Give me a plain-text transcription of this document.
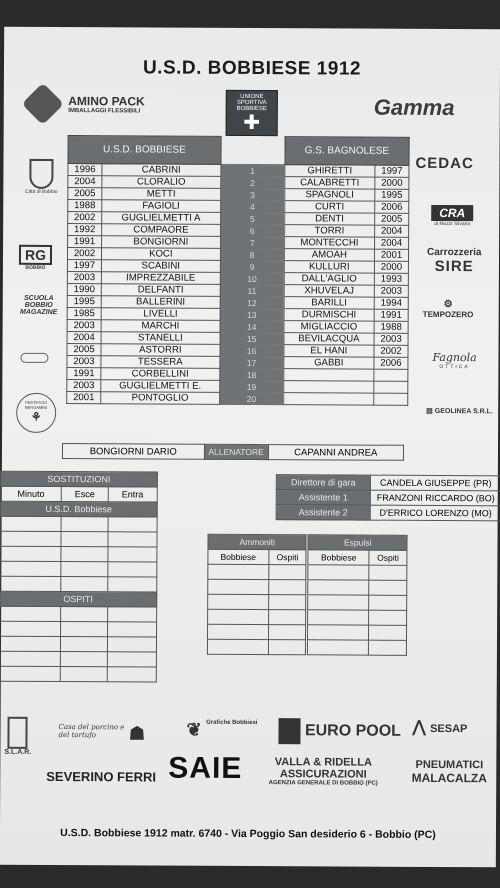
U.S.D. BOBBIESE 1912

AMINO PACK
IMBALLAGGI FLESSIBILI
UNIONE SPORTIVA
BOBBIESE
✚
Gamma
CEDAC
Città di Bobbio
CRA
di Mozzi Silvana
RG
BOBBIO
Carrozzeria
SIRE
SCUOLA BOBBIO MAGAZINE
⚙
TEMPOZERO
Fagnola
OTTICA
PASTIFICIO BERGAMINI
⚘	▤ GEOLINEA S.R.L.
U.S.D. BOBBIESE			G.S. BAGNOLESE	
1996	CABRINI	1	GHIRETTI	1997
2004	CLORALIO	2	CALABRETTI	2000
2005	METTI	3	SPAGNOLI	1995
1988	FAGIOLI	4	CURTI	2006
2002	GUGLIELMETTI A	5	DENTI	2005
1992	COMPAORE	6	TORRI	2004
1991	BONGIORNI	7	MONTECCHI	2004
2002	KOCI	8	AMOAH	2001
1997	SCABINI	9	KULLURI	2000
2003	IMPREZZABILE	10	DALL'AGLIO	1993
1990	DELFANTI	11	XHUVELAJ	2003
1995	BALLERINI	12	BARILLI	1994
1985	LIVELLI	13	DURMISCHI	1991
2003	MARCHI	14	MIGLIACCIO	1988
2004	STANELLI	15	BEVILACQUA	2003
2005	ASTORRI	16	EL HANI	2002
2003	TESSERA	17	GABBI	2006
1991	CORBELLINI	18		
2003	GUGLIELMETTI E.	19		
2001	PONTOGLIO	20		
BONGIORNI DARIO	ALLENATORE	CAPANNI ANDREA
SOSTITUZIONI		
Minuto	Esce	Entra
U.S.D. Bobbiese		

OSPITI		

Direttore di gara	CANDELA GIUSEPPE (PR)
Assistente 1	FRANZONI RICCARDO (BO)
Assistente 2	D'ERRICO LORENZO (MO)
Ammoniti			Espulsi	
Bobbiese	Ospiti		Bobbiese	Ospiti

S.L.A.R.
Casa del porcino e del tartufo ☗	❦ $^{Grafiche Bobbiesi}$	EURO POOL ⋀ SESAP
SEVERINO FERRI SAIE	VALLA & RIDELLA
ASSICURAZIONI
AGENZIA GENERALE DI BOBBIO (PC)
PNEUMATICI
MALACALZA
U.S.D. Bobbiese 1912 matr. 6740 - Via Poggio San desiderio 6 - Bobbio (PC)
